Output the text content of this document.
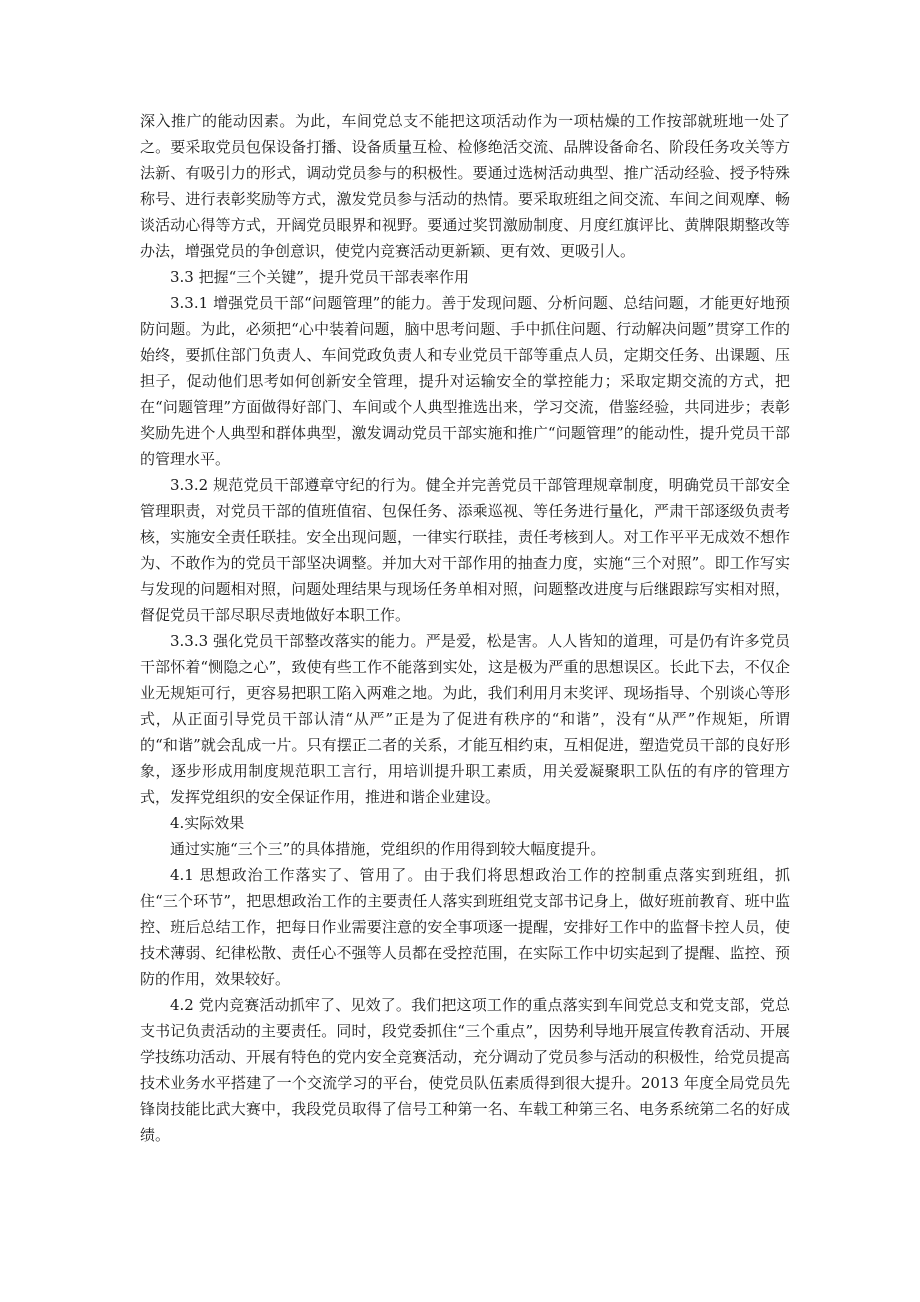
深入推广的能动因素。为此，车间党总支不能把这项活动作为一项枯燥的工作按部就班地一处了之。要采取党员包保设备打播、设备质量互检、检修绝活交流、品牌设备命名、阶段任务攻关等方法新、有吸引力的形式，调动党员参与的积极性。要通过选树活动典型、推广活动经验、授予特殊称号、进行表彰奖励等方式，激发党员参与活动的热情。要采取班组之间交流、车间之间观摩、畅谈活动心得等方式，开阔党员眼界和视野。要通过奖罚激励制度、月度红旗评比、黄牌限期整改等办法，增强党员的争创意识，使党内竞赛活动更新颖、更有效、更吸引人。

3.3 把握“三个关键”，提升党员干部表率作用

3.3.1 增强党员干部“问题管理”的能力。善于发现问题、分析问题、总结问题，才能更好地预防问题。为此，必须把“心中装着问题，脑中思考问题、手中抓住问题、行动解决问题”贯穿工作的始终，要抓住部门负责人、车间党政负责人和专业党员干部等重点人员，定期交任务、出课题、压担子，促动他们思考如何创新安全管理，提升对运输安全的掌控能力；采取定期交流的方式，把在“问题管理”方面做得好部门、车间或个人典型推选出来，学习交流，借鉴经验，共同进步；表彰奖励先进个人典型和群体典型，激发调动党员干部实施和推广“问题管理”的能动性，提升党员干部的管理水平。

3.3.2 规范党员干部遵章守纪的行为。健全并完善党员干部管理规章制度，明确党员干部安全管理职责，对党员干部的值班值宿、包保任务、添乘巡视、等任务进行量化，严肃干部逐级负责考核，实施安全责任联挂。安全出现问题，一律实行联挂，责任考核到人。对工作平平无成效不想作为、不敢作为的党员干部坚决调整。并加大对干部作用的抽查力度，实施“三个对照”。即工作写实与发现的问题相对照，问题处理结果与现场任务单相对照，问题整改进度与后继跟踪写实相对照，督促党员干部尽职尽责地做好本职工作。

3.3.3 强化党员干部整改落实的能力。严是爱，松是害。人人皆知的道理，可是仍有许多党员干部怀着“恻隐之心”，致使有些工作不能落到实处，这是极为严重的思想误区。长此下去，不仅企业无规矩可行，更容易把职工陷入两难之地。为此，我们利用月末奖评、现场指导、个别谈心等形式，从正面引导党员干部认清“从严”正是为了促进有秩序的“和谐”，没有“从严”作规矩，所谓的“和谐”就会乱成一片。只有摆正二者的关系，才能互相约束，互相促进，塑造党员干部的良好形象，逐步形成用制度规范职工言行，用培训提升职工素质，用关爱凝聚职工队伍的有序的管理方式，发挥党组织的安全保证作用，推进和谐企业建设。

4.实际效果

通过实施“三个三”的具体措施，党组织的作用得到较大幅度提升。

4.1 思想政治工作落实了、管用了。由于我们将思想政治工作的控制重点落实到班组，抓住“三个环节”，把思想政治工作的主要责任人落实到班组党支部书记身上，做好班前教育、班中监控、班后总结工作，把每日作业需要注意的安全事项逐一提醒，安排好工作中的监督卡控人员，使技术薄弱、纪律松散、责任心不强等人员都在受控范围，在实际工作中切实起到了提醒、监控、预防的作用，效果较好。

4.2 党内竞赛活动抓牢了、见效了。我们把这项工作的重点落实到车间党总支和党支部，党总支书记负责活动的主要责任。同时，段党委抓住“三个重点”，因势利导地开展宣传教育活动、开展学技练功活动、开展有特色的党内安全竞赛活动，充分调动了党员参与活动的积极性，给党员提高技术业务水平搭建了一个交流学习的平台，使党员队伍素质得到很大提升。2013 年度全局党员先锋岗技能比武大赛中，我段党员取得了信号工种第一名、车载工种第三名、电务系统第二名的好成绩。
